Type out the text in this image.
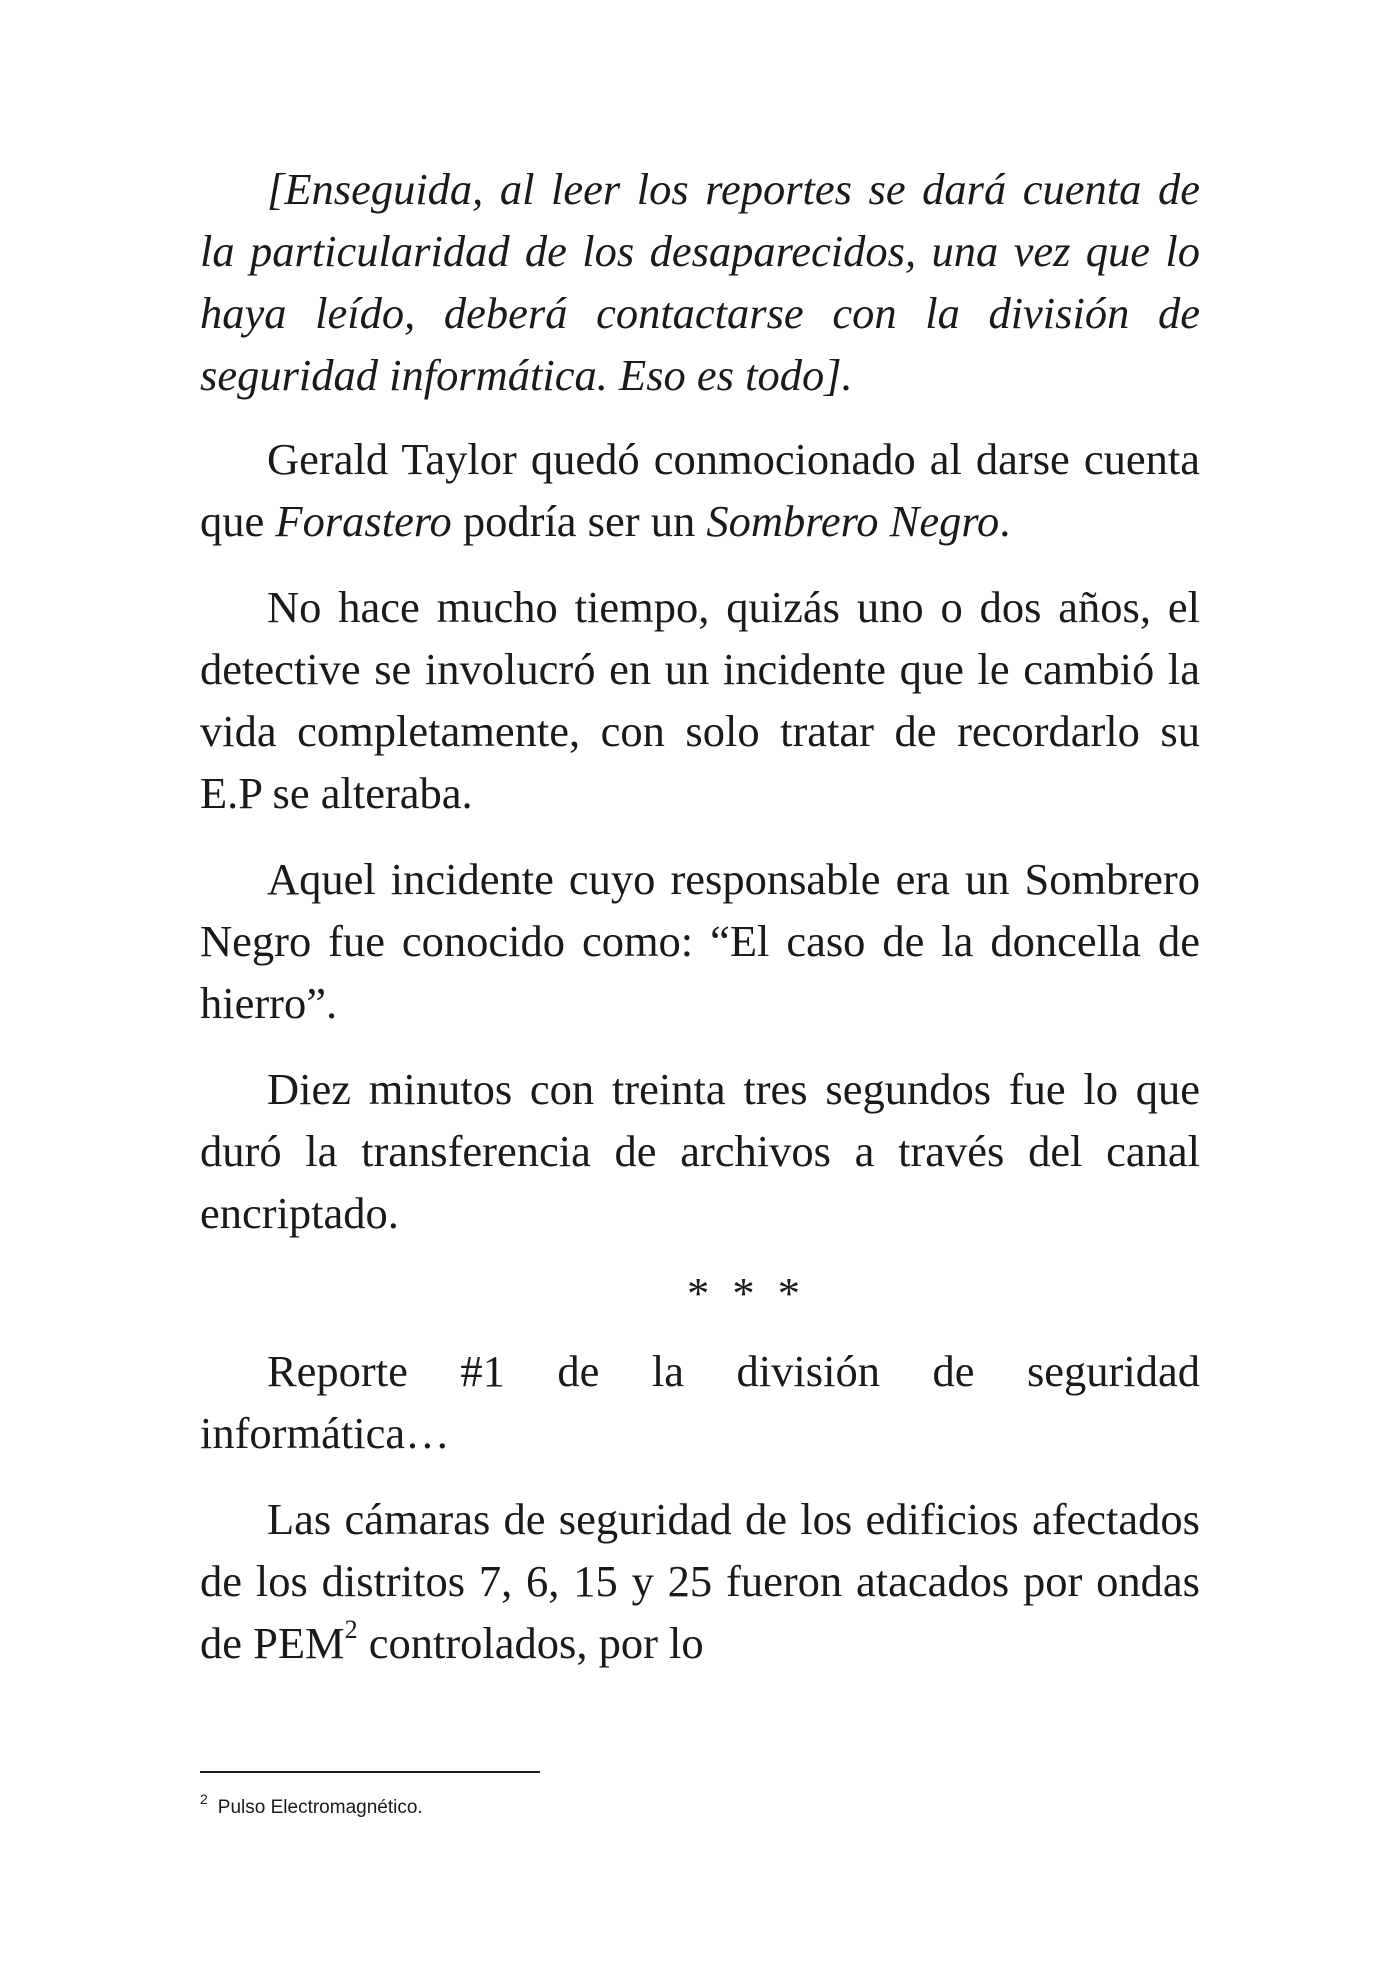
[Enseguida, al leer los reportes se dará cuenta de la particularidad de los desaparecidos, una vez que lo haya leído, deberá contactarse con la división de seguridad informática. Eso es todo].

Gerald Taylor quedó conmocionado al darse cuenta que Forastero podría ser un Sombrero Negro.

No hace mucho tiempo, quizás uno o dos años, el detective se involucró en un incidente que le cambió la vida completamente, con solo tratar de recordarlo su E.P se alteraba.

Aquel incidente cuyo responsable era un Sombrero Negro fue conocido como: “El caso de la doncella de hierro”.

Diez minutos con treinta tres segundos fue lo que duró la transferencia de archivos a través del canal encriptado.

* * *

Reporte #1 de la división de seguridad informática…

Las cámaras de seguridad de los edificios afectados de los distritos 7, 6, 15 y 25 fueron atacados por ondas de PEM$^2$ controlados, por lo

$^2$ Pulso Electromagnético.
